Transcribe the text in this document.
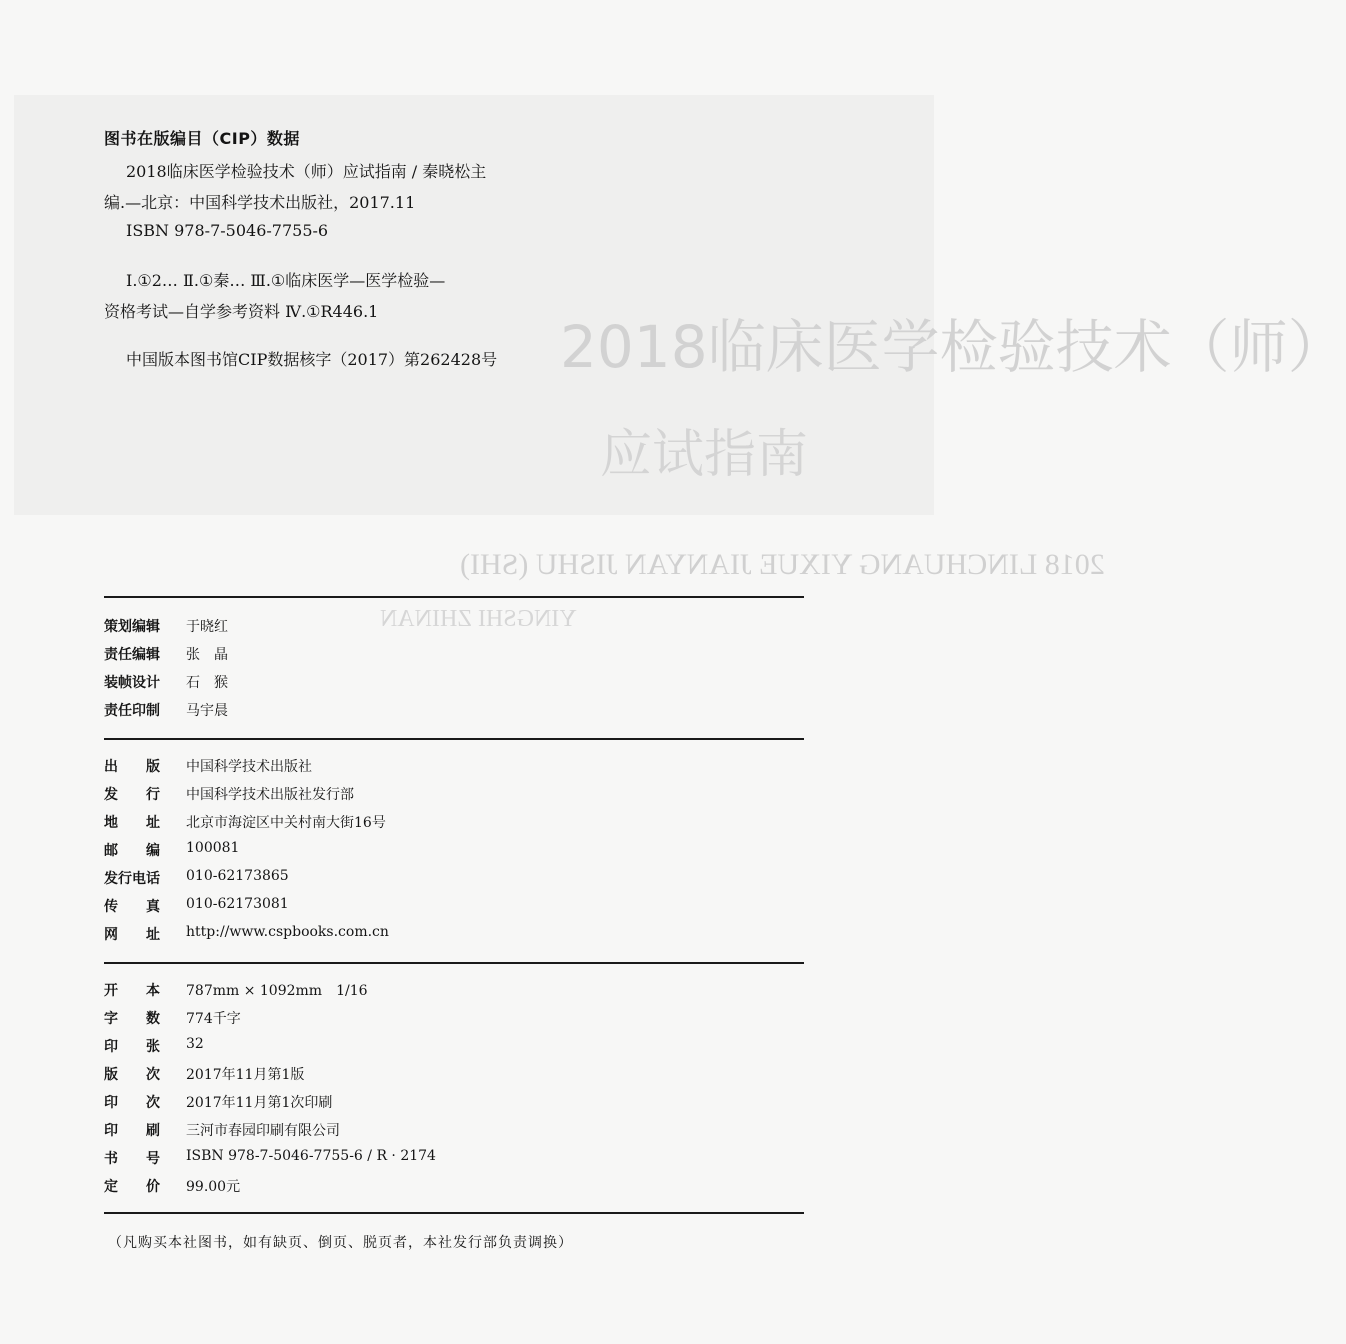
2018临床医学检验技术（师）
应试指南
2018 LINCHUANG YIXUE JIANYAN JISHU (SHI)
YINGSHI ZHINAN
图书在版编目（CIP）数据
2018临床医学检验技术（师）应试指南 / 秦晓松主
编.—北京：中国科学技术出版社，2017.11
ISBN 978-7-5046-7755-6
Ⅰ.①2… Ⅱ.①秦… Ⅲ.①临床医学—医学检验—
资格考试—自学参考资料 Ⅳ.①R446.1
中国版本图书馆CIP数据核字（2017）第262428号
策划编辑	于晓红
责任编辑	张　晶
装帧设计	石　猴
责任印制	马宇晨
出　　版	中国科学技术出版社
发　　行	中国科学技术出版社发行部
地　　址	北京市海淀区中关村南大街16号
邮　　编	100081
发行电话	010-62173865
传　　真	010-62173081
网　　址	http://www.cspbooks.com.cn
开　　本	787mm × 1092mm　1/16
字　　数	774千字
印　　张	32
版　　次	2017年11月第1版
印　　次	2017年11月第1次印刷
印　　刷	三河市春园印刷有限公司
书　　号	ISBN 978-7-5046-7755-6 / R · 2174
定　　价	99.00元
（凡购买本社图书，如有缺页、倒页、脱页者，本社发行部负责调换）
